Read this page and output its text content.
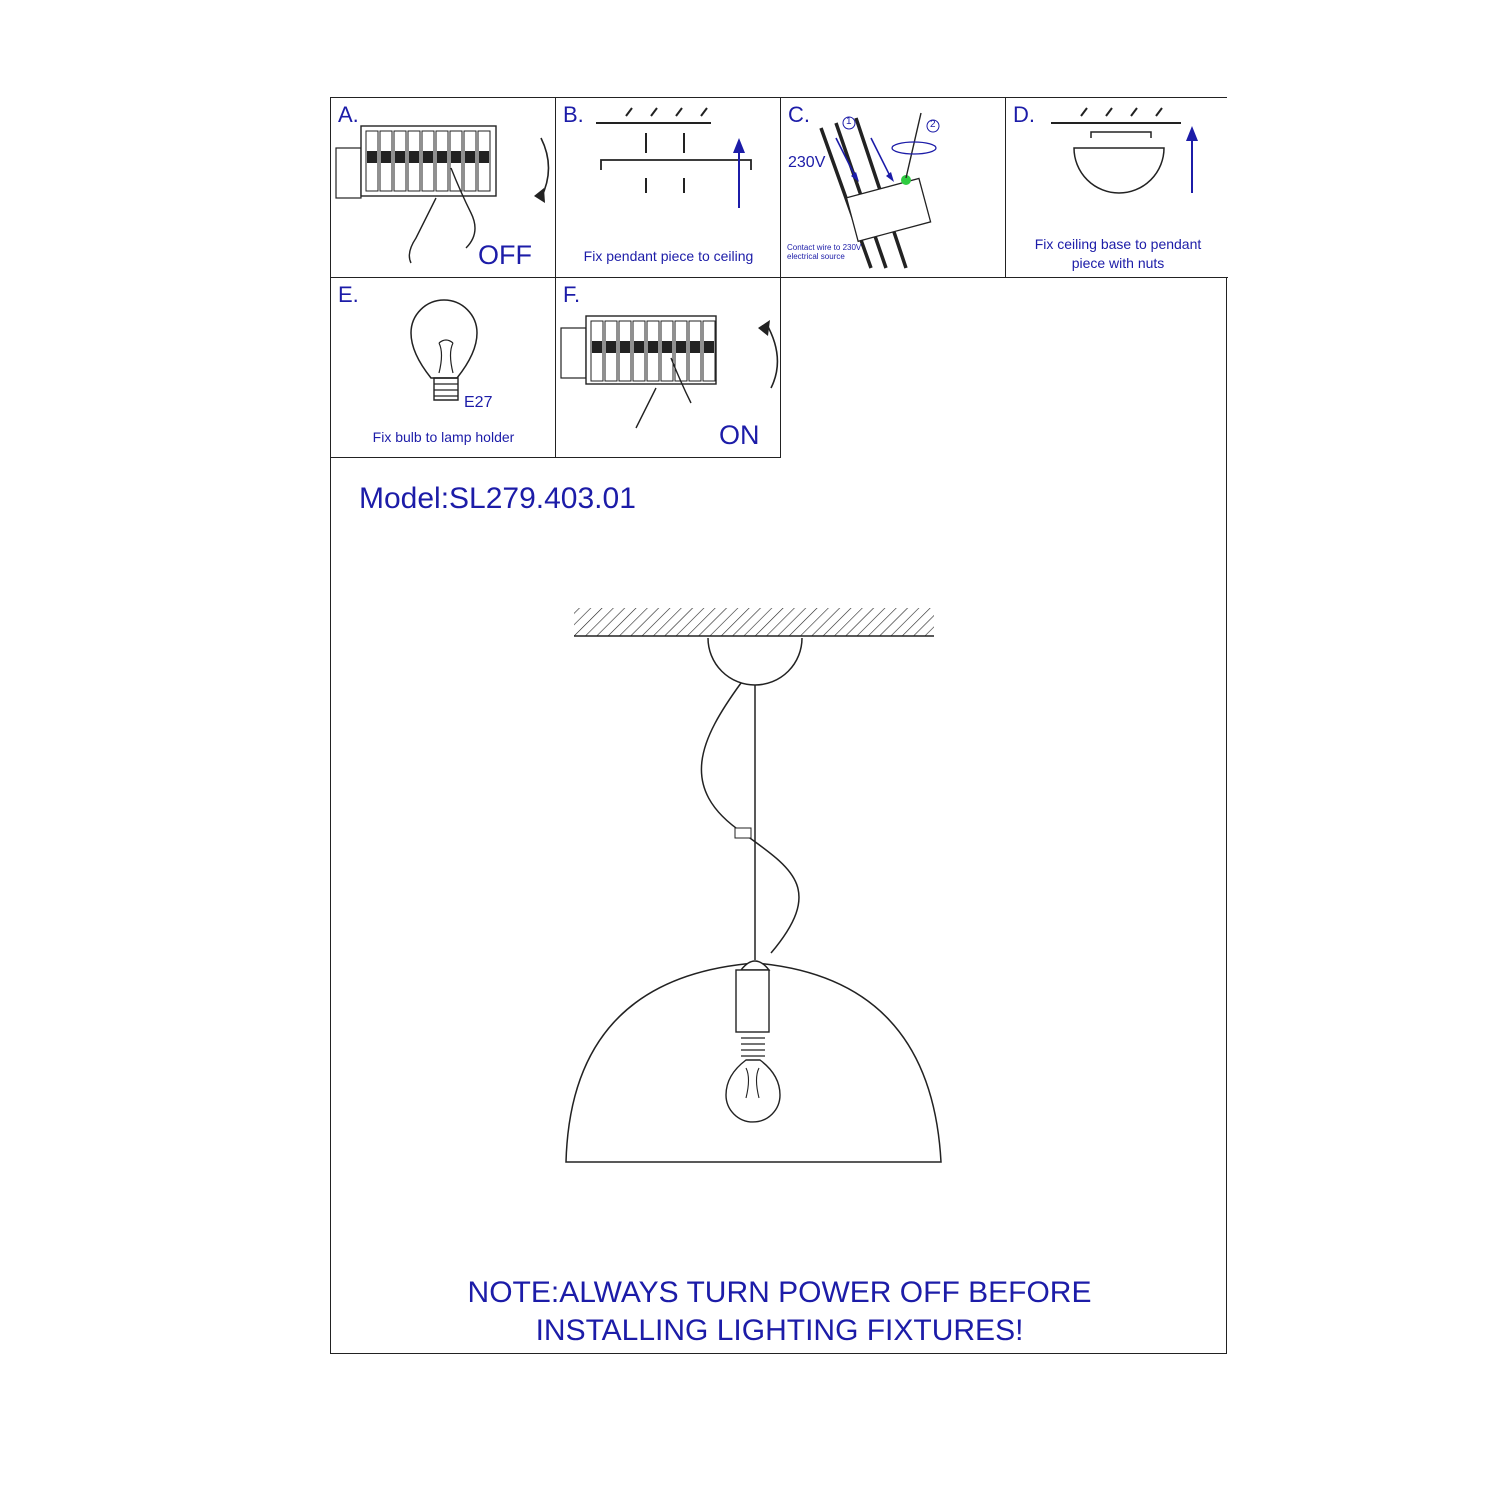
A.
OFF
B.
Fix pendant piece to ceiling
C.
230V
1	2
Contact wire to 230V electrical source
D.
Fix ceiling base to pendant piece with nuts
E.
E27
Fix bulb to lamp holder
F.
ON
Model:SL279.403.01
NOTE:ALWAYS TURN POWER OFF BEFORE
INSTALLING LIGHTING FIXTURES!
